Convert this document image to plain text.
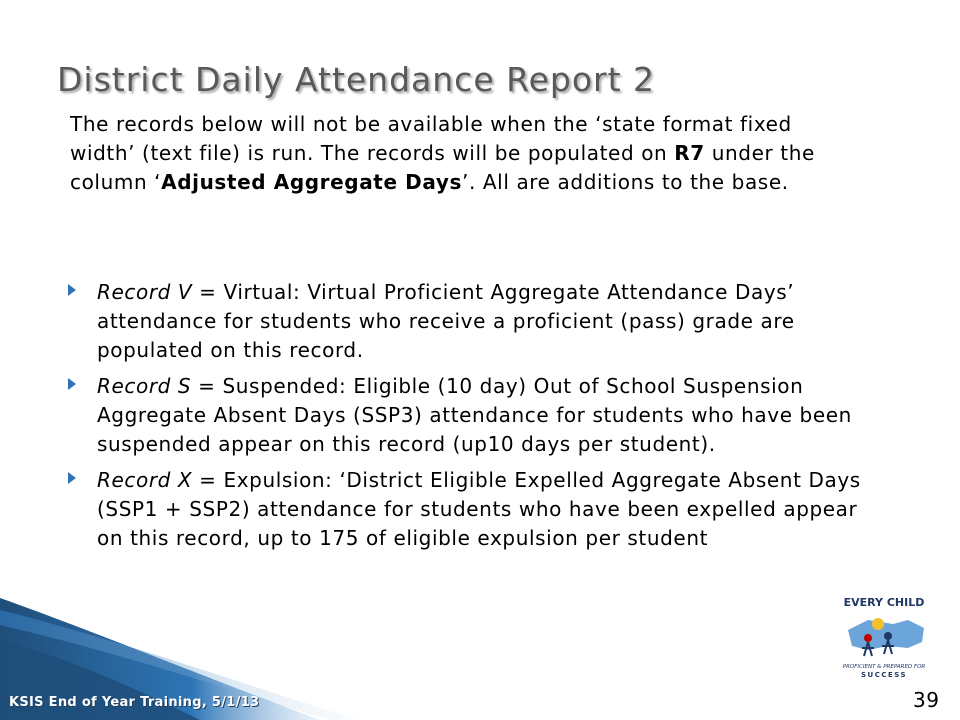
District Daily Attendance Report 2

The records below will not be available when the ‘state format fixed width’ (text file) is run. The records will be populated on R7 under the column ‘Adjusted Aggregate Days’. All are additions to the base.

Record V = Virtual: Virtual Proficient Aggregate Attendance Days’ attendance for students who receive a proficient (pass) grade are populated on this record.
Record S = Suspended: Eligible (10 day) Out of School Suspension Aggregate Absent Days (SSP3) attendance for students who have been suspended appear on this record (up10 days per student).
Record X = Expulsion: ‘District Eligible Expelled Aggregate Absent Days (SSP1 + SSP2) attendance for students who have been expelled appear on this record, up to 175 of eligible expulsion per student
EVERY CHILD
PROFICIENT & PREPARED FOR
SUCCESS
KSIS End of Year Training, 5/1/13	39
